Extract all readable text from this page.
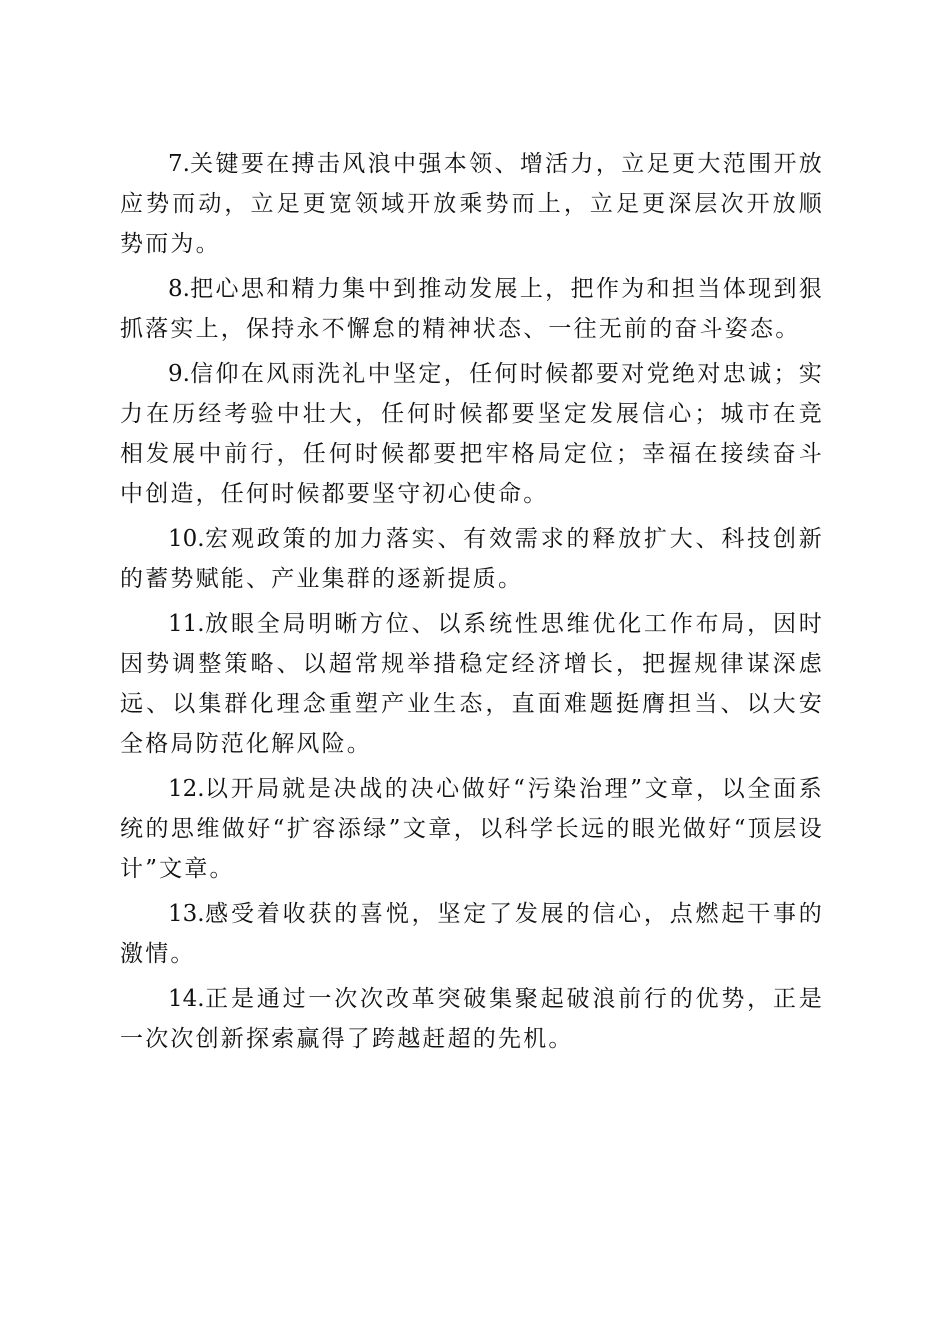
7.关键要在搏击风浪中强本领、增活力，立足更大范围开放应势而动，立足更宽领域开放乘势而上，立足更深层次开放顺势而为。

8.把心思和精力集中到推动发展上，把作为和担当体现到狠抓落实上，保持永不懈怠的精神状态、一往无前的奋斗姿态。

9.信仰在风雨洗礼中坚定，任何时候都要对党绝对忠诚；实力在历经考验中壮大，任何时候都要坚定发展信心；城市在竞相发展中前行，任何时候都要把牢格局定位；幸福在接续奋斗中创造，任何时候都要坚守初心使命。

10.宏观政策的加力落实、有效需求的释放扩大、科技创新的蓄势赋能、产业集群的逐新提质。

11.放眼全局明晰方位、以系统性思维优化工作布局，因时因势调整策略、以超常规举措稳定经济增长，把握规律谋深虑远、以集群化理念重塑产业生态，直面难题挺膺担当、以大安全格局防范化解风险。

12.以开局就是决战的决心做好“污染治理”文章，以全面系统的思维做好“扩容添绿”文章，以科学长远的眼光做好“顶层设计”文章。

13.感受着收获的喜悦，坚定了发展的信心，点燃起干事的激情。

14.正是通过一次次改革突破集聚起破浪前行的优势，正是一次次创新探索赢得了跨越赶超的先机。
